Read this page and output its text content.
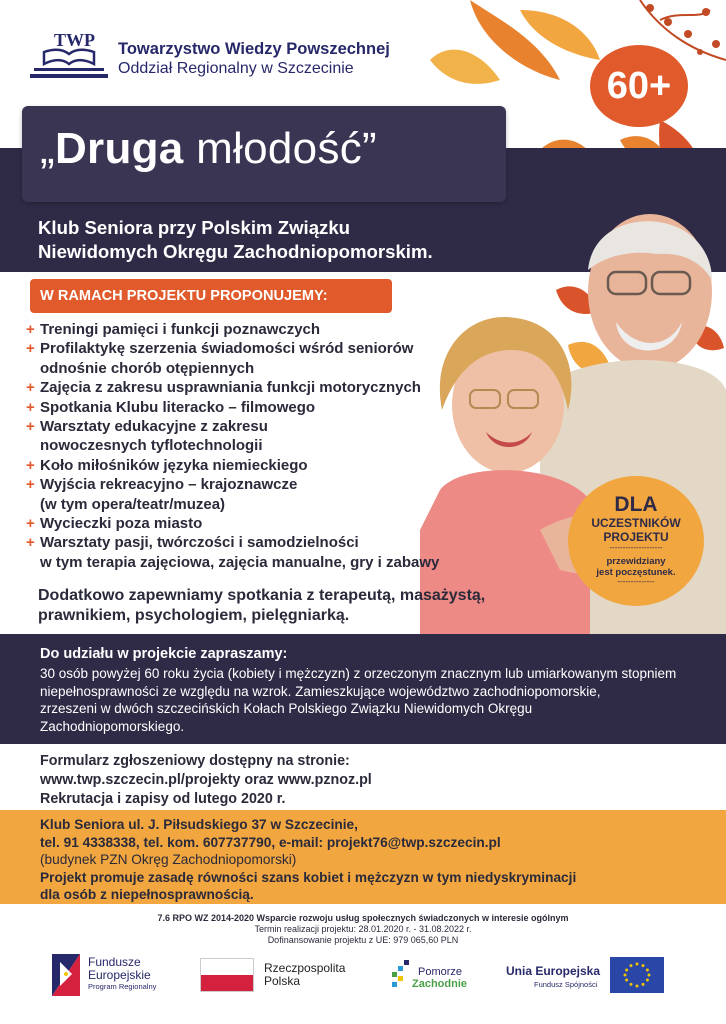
TWP Towarzystwo Wiedzy Powszechnej
Oddział Regionalny w Szczecinie	60+
„Druga młodość”
Klub Seniora przy Polskim Związku
Niewidomych Okręgu Zachodniopomorskim.
W RAMACH PROJEKTU PROPONUJEMY:
+ Treningi pamięci i funkcji poznawczych
+ Profilaktykę szerzenia świadomości wśród seniorów
odnośnie chorób otępiennych
+ Zajęcia z zakresu usprawniania funkcji motorycznych
+ Spotkania Klubu literacko – filmowego
+ Warsztaty edukacyjne z zakresu
nowoczesnych tyflotechnologii
+ Koło miłośników języka niemieckiego
+ Wyjścia rekreacyjno – krajoznawcze
(w tym opera/teatr/muzea)
+ Wycieczki poza miasto
+ Warsztaty pasji, twórczości i samodzielności
w tym terapia zajęciowa, zajęcia manualne, gry i zabawy
DLA
UCZESTNIKÓW
PROJEKTU
--------------------
przewidziany
jest poczęstunek.
--------------
Dodatkowo zapewniamy spotkania z terapeutą, masażystą,
prawnikiem, psychologiem, pielęgniarką.
Do udziału w projekcie zapraszamy:
30 osób powyżej 60 roku życia (kobiety i mężczyzn) z orzeczonym znacznym lub umiarkowanym stopniem
niepełnosprawności ze względu na wzrok. Zamieszkujące województwo zachodniopomorskie,
zrzeszeni w dwóch szczecińskich Kołach Polskiego Związku Niewidomych Okręgu
Zachodniopomorskiego.
Formularz zgłoszeniowy dostępny na stronie:
www.twp.szczecin.pl/projekty oraz www.pznoz.pl
Rekrutacja i zapisy od lutego 2020 r.
Klub Seniora ul. J. Piłsudskiego 37 w Szczecinie,
tel. 91 4338338, tel. kom. 607737790, e-mail: projekt76@twp.szczecin.pl
(budynek PZN Okręg Zachodniopomorski)
Projekt promuje zasadę równości szans kobiet i mężczyzn w tym niedyskryminacji
dla osób z niepełnosprawnością.
7.6 RPO WZ 2014-2020 Wsparcie rozwoju usług społecznych świadczonych w interesie ogólnym
Termin realizacji projektu: 28.01.2020 r. - 31.08.2022 r.
Dofinansowanie projektu z UE: 979 065,60 PLN
Fundusze
Europejskie
Program Regionalny
Rzeczpospolita
Polska
Pomorze
Zachodnie
Unia Europejska
Fundusz Spójności
